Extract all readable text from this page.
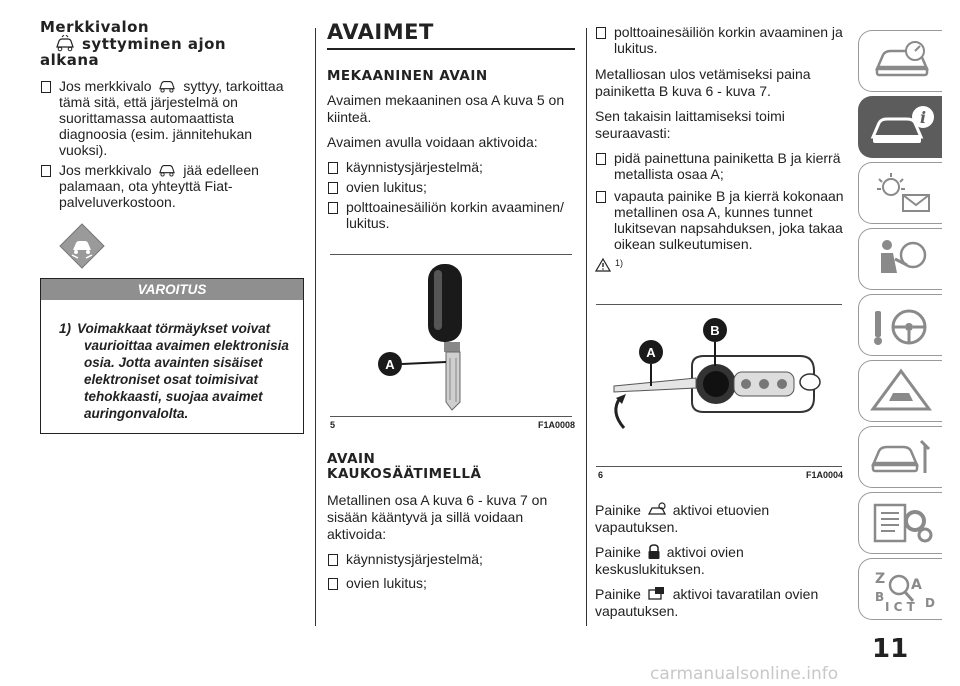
Merkkivalon
syttyminen ajon
alkana
Jos merkkivalo syttyy, tarkoittaa tämä sitä, että järjestelmä on suorittamassa automaattista diagnoosia (esim. jännitehukan vuoksi).
Jos merkkivalo jää edelleen palamaan, ota yhteyttä Fiat-palveluverkostoon.
VAROITUS
1) Voimakkaat törmäykset voivat
vaurioittaa avaimen elektronisia osia. Jotta avainten sisäiset elektroniset osat toimisivat tehokkaasti, suojaa avaimet auringonvalolta.
AVAIMET
MEKAANINEN AVAIN
Avaimen mekaaninen osa A kuva 5 on kiinteä.
Avaimen avulla voidaan aktivoida:
käynnistysjärjestelmä;
ovien lukitus;
polttoainesäiliön korkin avaaminen/ lukitus.
A
5	F1A0008
AVAIN
KAUKOSÄÄTIMELLÄ
Metallinen osa A kuva 6 - kuva 7 on sisään kääntyvä ja sillä voidaan aktivoida:
käynnistysjärjestelmä;
ovien lukitus;
polttoainesäiliön korkin avaaminen ja lukitus.
Metalliosan ulos vetämiseksi paina painiketta B kuva 6 - kuva 7.
Sen takaisin laittamiseksi toimi seuraavasti:
pidä painettuna painiketta B ja kierrä metallista osaa A;
vapauta painike B ja kierrä kokonaan metallinen osa A, kunnes tunnet lukitsevan napsahduksen, joka takaa oikean sulkeutumisen.
1)
A
B
6	F1A0004
Painike aktivoi etuovien vapautuksen.
Painike aktivoi ovien keskuslukituksen.
Painike aktivoi tavaratilan ovien vapautuksen.
i
Z A
B
I C T D
11
carmanualsonline.info
